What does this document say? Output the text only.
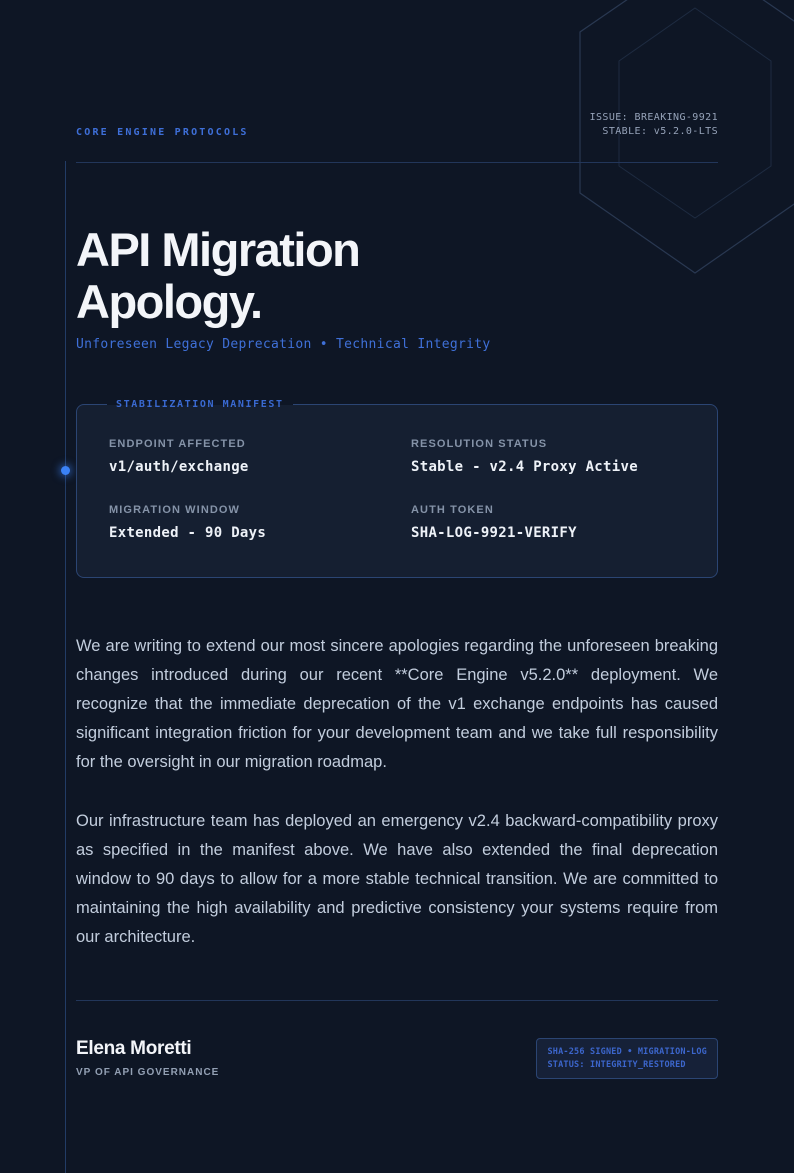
CORE ENGINE PROTOCOLS
ISSUE: BREAKING-9921
STABLE: v5.2.0-LTS
API Migration
Apology.
Unforeseen Legacy Deprecation • Technical Integrity
STABILIZATION MANIFEST
ENDPOINT AFFECTED
v1/auth/exchange
RESOLUTION STATUS
Stable - v2.4 Proxy Active
MIGRATION WINDOW
Extended - 90 Days
AUTH TOKEN
SHA-LOG-9921-VERIFY

We are writing to extend our most sincere apologies regarding the unforeseen breaking changes introduced during our recent **Core Engine v5.2.0** deployment. We recognize that the immediate deprecation of the v1 exchange endpoints has caused significant integration friction for your development team and we take full responsibility for the oversight in our migration roadmap.

Our infrastructure team has deployed an emergency v2.4 backward-compatibility proxy as specified in the manifest above. We have also extended the final deprecation window to 90 days to allow for a more stable technical transition. We are committed to maintaining the high availability and predictive consistency your systems require from our architecture.

Elena Moretti
VP OF API GOVERNANCE
SHA-256 SIGNED • MIGRATION-LOG
STATUS: INTEGRITY_RESTORED
